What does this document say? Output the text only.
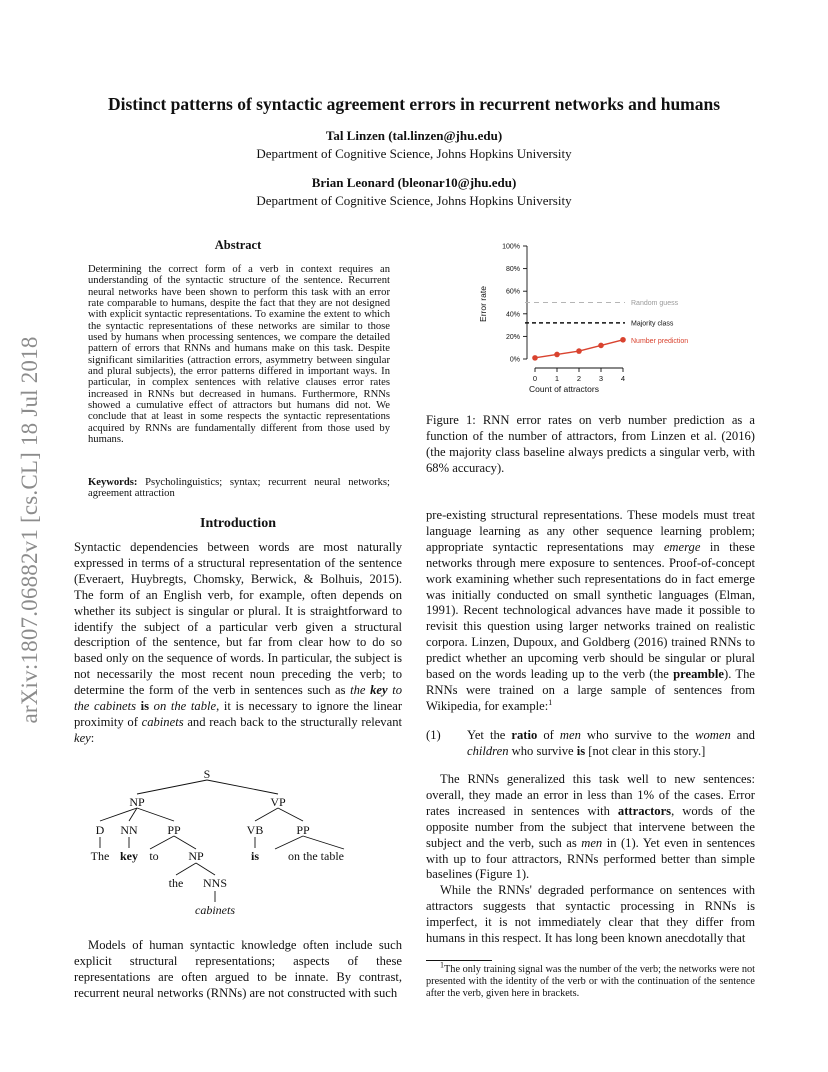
arXiv:1807.06882v1 [cs.CL] 18 Jul 2018
Distinct patterns of syntactic agreement errors in recurrent networks and humans
Tal Linzen (tal.linzen@jhu.edu)
Department of Cognitive Science, Johns Hopkins University
Brian Leonard (bleonar10@jhu.edu)
Department of Cognitive Science, Johns Hopkins University
Abstract
Determining the correct form of a verb in context requires an understanding of the syntactic structure of the sentence. Recurrent neural networks have been shown to perform this task with an error rate comparable to humans, despite the fact that they are not designed with explicit syntactic representations. To examine the extent to which the syntactic representations of these networks are similar to those used by humans when processing sentences, we compare the detailed pattern of errors that RNNs and humans make on this task. Despite significant similarities (attraction errors, asymmetry between singular and plural subjects), the error patterns differed in important ways. In particular, in complex sentences with relative clauses error rates increased in RNNs but decreased in humans. Furthermore, RNNs showed a cumulative effect of attractors but humans did not. We conclude that at least in some respects the syntactic representations acquired by RNNs are fundamentally different from those used by humans.
Keywords: Psycholinguistics; syntax; recurrent neural networks; agreement attraction
Introduction

Syntactic dependencies between words are most naturally expressed in terms of a structural representation of the sentence (Everaert, Huybregts, Chomsky, Berwick, & Bolhuis, 2015). The form of an English verb, for example, often depends on whether its subject is singular or plural. It is straightforward to identify the subject of a particular verb given a structural description of the sentence, but far from clear how to do so based only on the sequence of words. In particular, the subject is not necessarily the most recent noun preceding the verb; to determine the form of the verb in sentences such as the key to the cabinets is on the table, it is necessary to ignore the linear proximity of cabinets and reach back to the structurally relevant key:

S
NP	VP
D NN PP	VB	PP
The key to NP	is on the table
the NNS
cabinets

Models of human syntactic knowledge often include such explicit structural representations; aspects of these representations are often argued to be innate. By contrast, recurrent neural networks (RNNs) are not constructed with such

0%
20%
40%
60%
80%
100%
0 1 2 3 4
Random guess
Majority class
Number prediction
Error rate
Count of attractors
Figure 1: RNN error rates on verb number prediction as a function of the number of attractors, from Linzen et al. (2016) (the majority class baseline always predicts a singular verb, with 68% accuracy).

pre-existing structural representations. These models must treat language learning as any other sequence learning problem; appropriate syntactic representations may emerge in these networks through mere exposure to sentences. Proof-of-concept work examining whether such representations do in fact emerge was initially conducted on small synthetic languages (Elman, 1991). Recent technological advances have made it possible to revisit this question using larger networks trained on realistic corpora. Linzen, Dupoux, and Goldberg (2016) trained RNNs to predict whether an upcoming verb should be singular or plural based on the words leading up to the verb (the preamble). The RNNs were trained on a large sample of sentences from Wikipedia, for example:$^1$

(1) Yet the ratio of men who survive to the women and children who survive is [not clear in this story.]

The RNNs generalized this task well to new sentences: overall, they made an error in less than 1% of the cases. Error rates increased in sentences with attractors, words of the opposite number from the subject that intervene between the subject and the verb, such as men in (1). Yet even in sentences with up to four attractors, RNNs performed better than simple baselines (Figure 1).

While the RNNs' degraded performance on sentences with attractors suggests that syntactic processing in RNNs is imperfect, it is not immediately clear that they differ from humans in this respect. It has long been known anecdotally that

$^1$The only training signal was the number of the verb; the networks were not presented with the identity of the verb or with the continuation of the sentence after the verb, given here in brackets.
